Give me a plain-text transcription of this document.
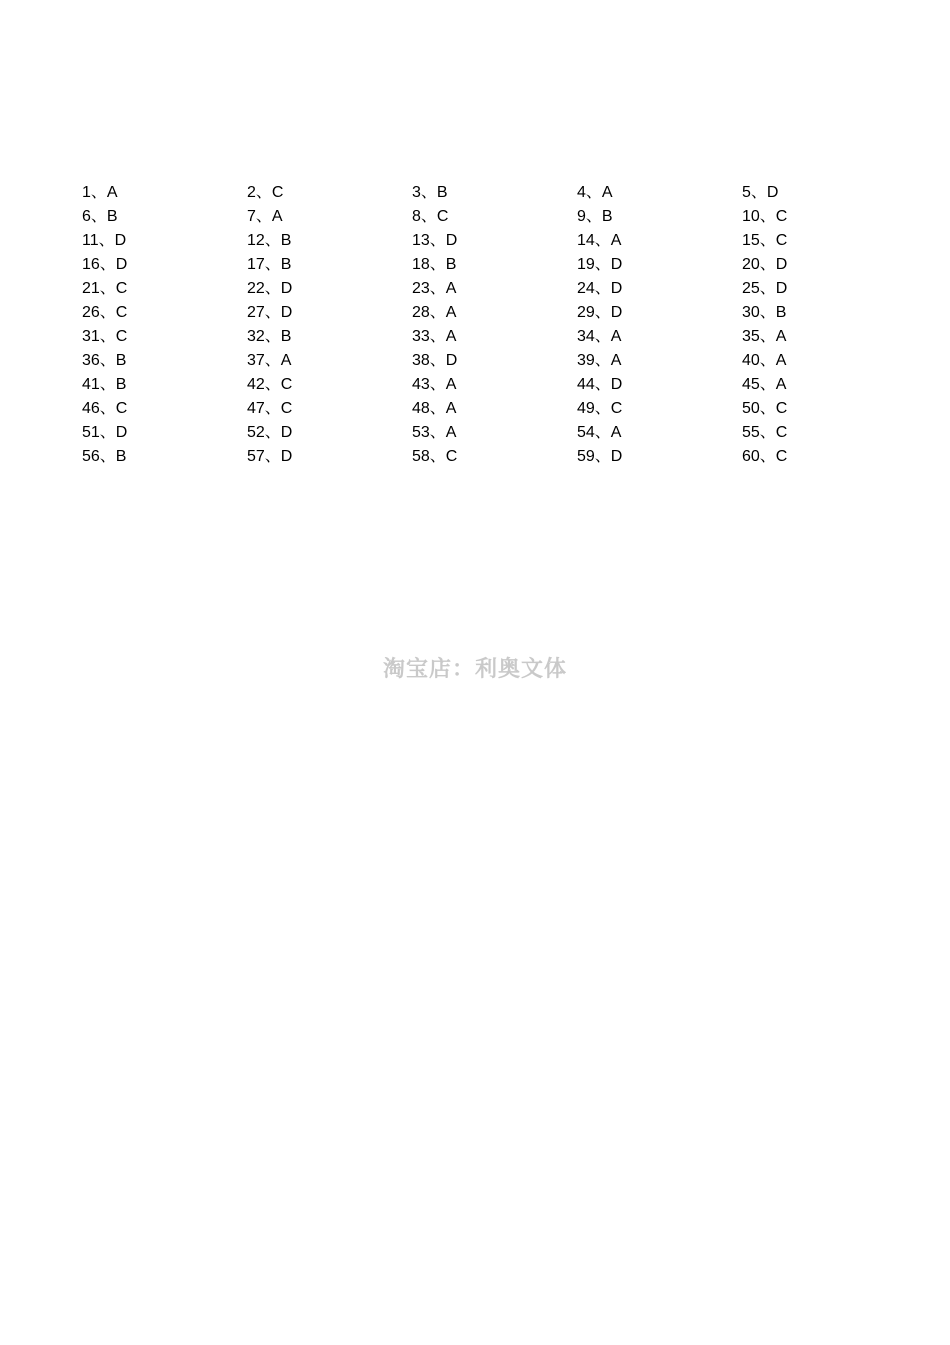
1、A	2、C	3、B	4、A	5、D
6、B	7、A	8、C	9、B	10、C
11、D	12、B	13、D	14、A	15、C
16、D	17、B	18、B	19、D	20、D
21、C	22、D	23、A	24、D	25、D
26、C	27、D	28、A	29、D	30、B
31、C	32、B	33、A	34、A	35、A
36、B	37、A	38、D	39、A	40、A
41、B	42、C	43、A	44、D	45、A
46、C	47、C	48、A	49、C	50、C
51、D	52、D	53、A	54、A	55、C
56、B	57、D	58、C	59、D	60、C
淘宝店：利奥文体
